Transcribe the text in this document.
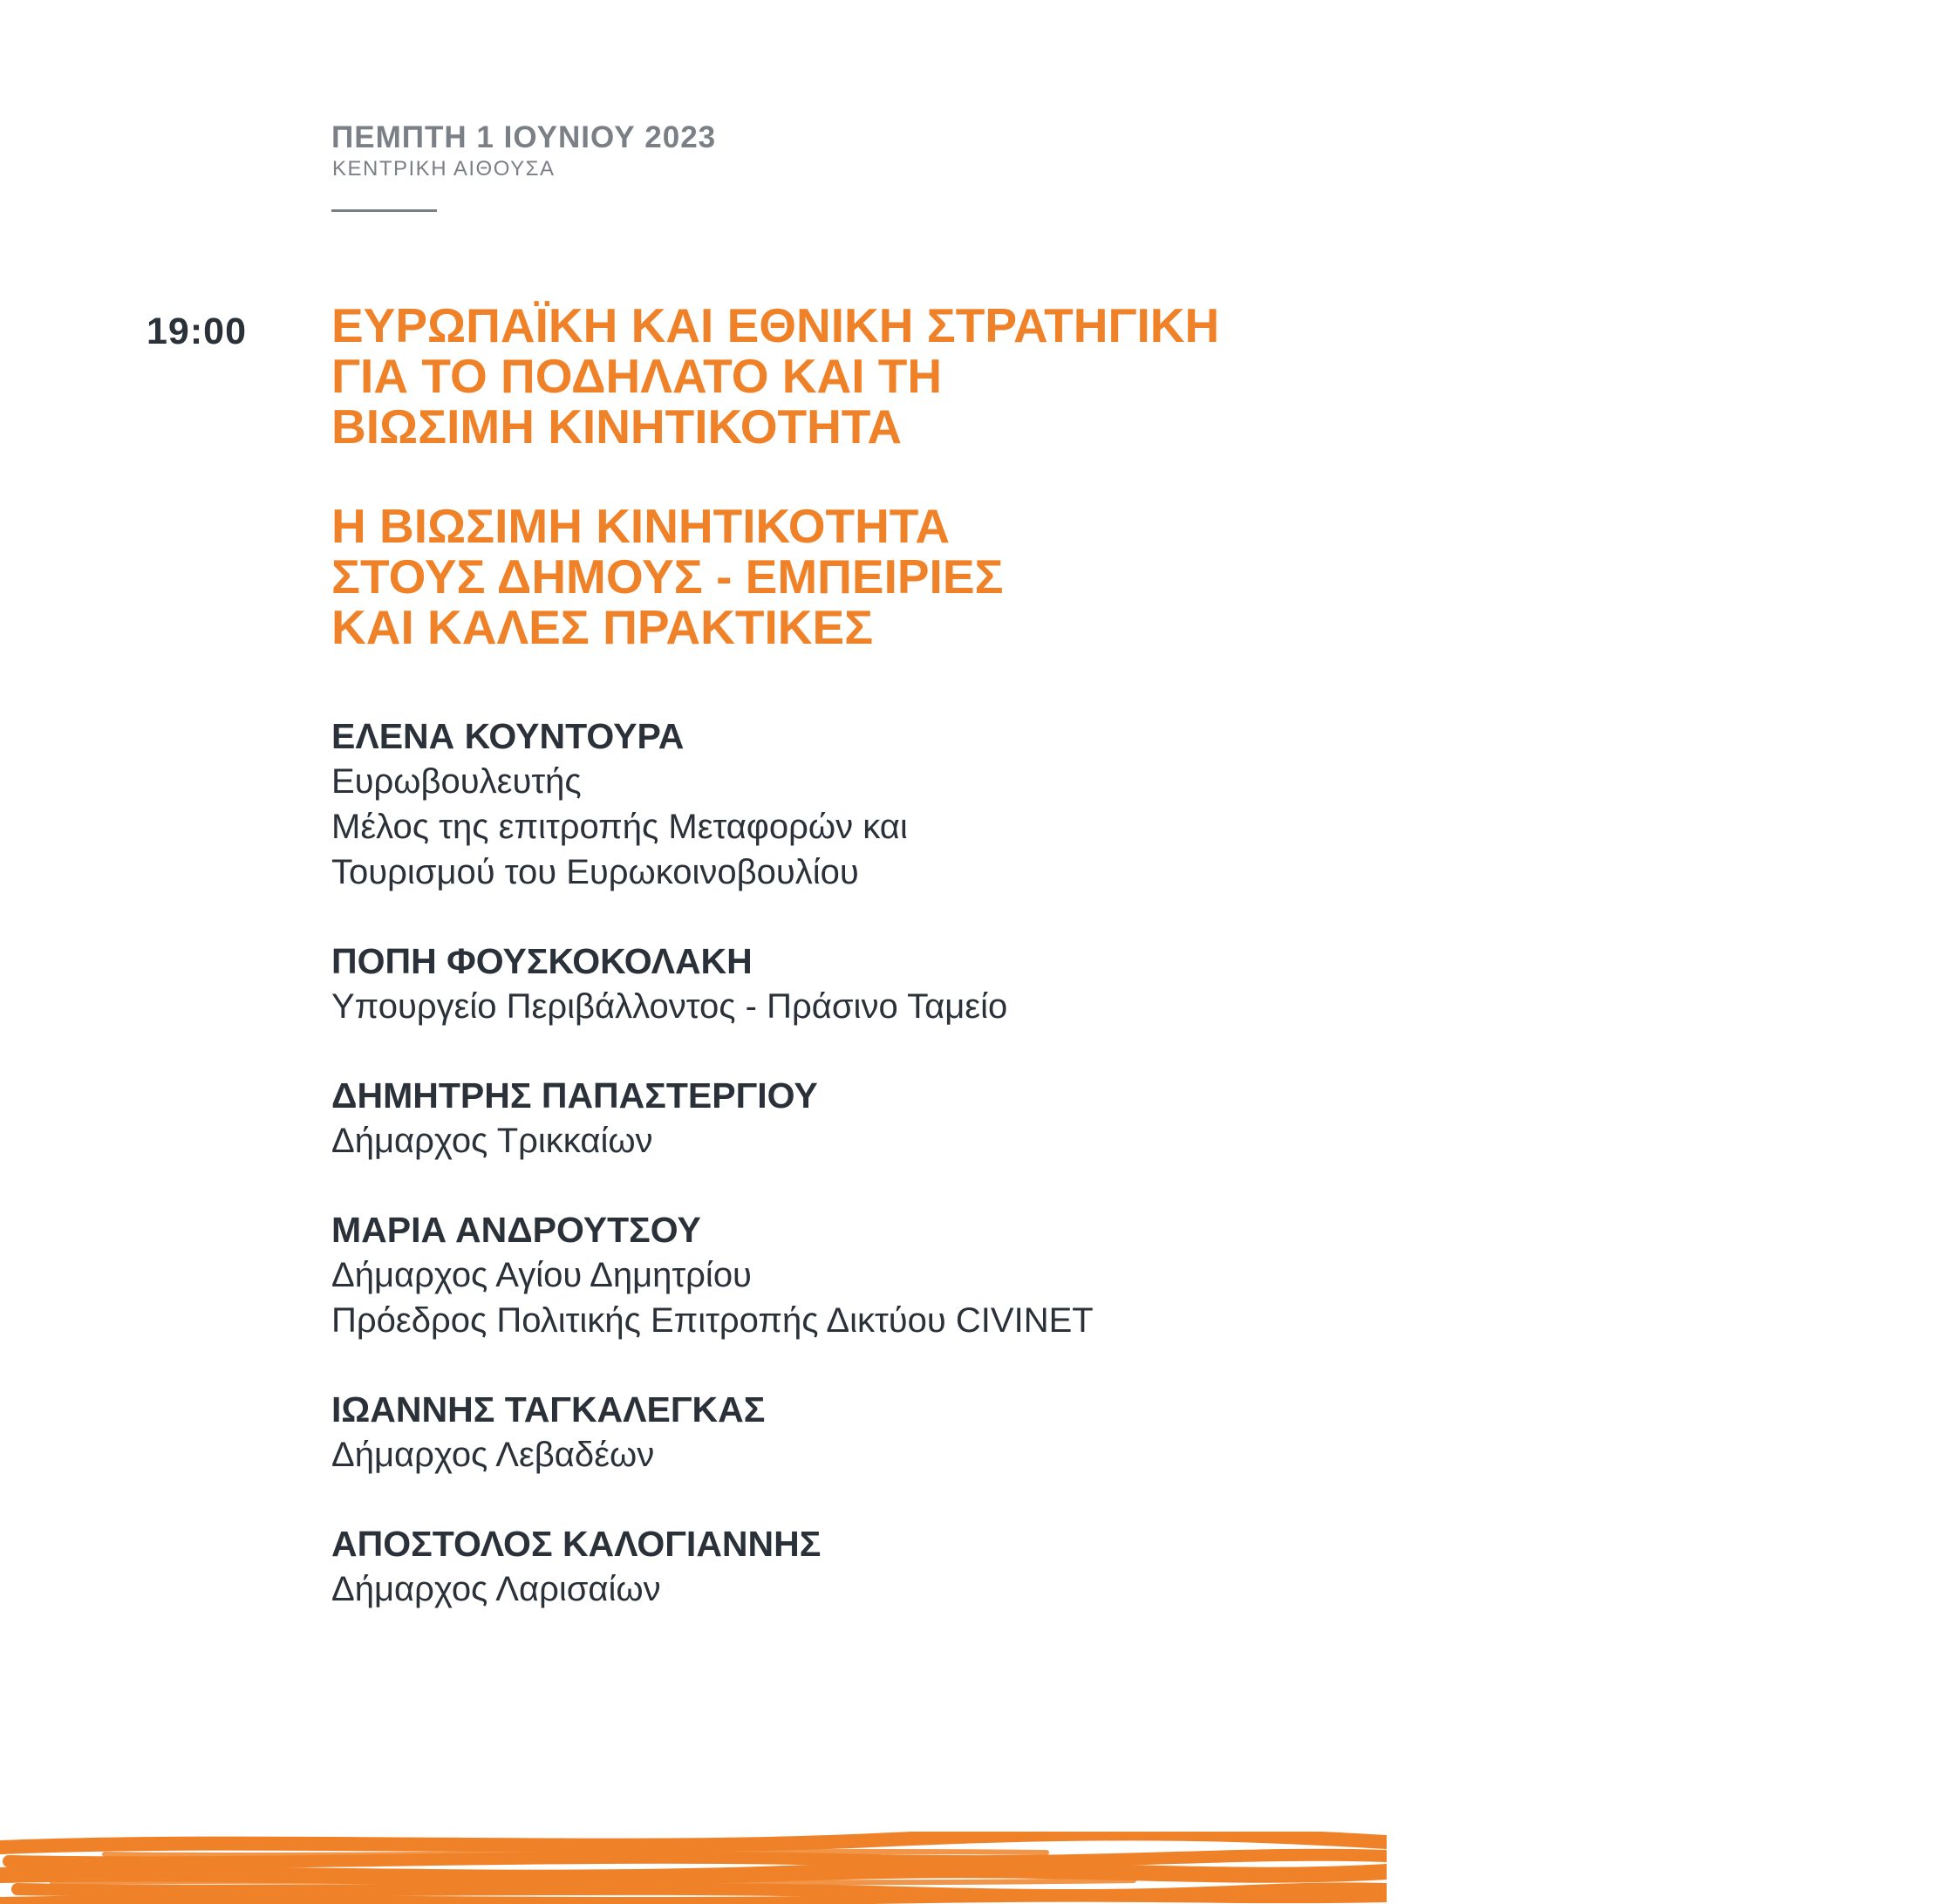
ΠΕΜΠΤΗ 1 ΙΟΥΝΙΟΥ 2023
ΚΕΝΤΡΙΚΗ ΑΙΘΟΥΣΑ
19:00 ΕΥΡΩΠΑΪΚΗ ΚΑΙ ΕΘΝΙΚΗ ΣΤΡΑΤΗΓΙΚΗ
ΓΙΑ ΤΟ ΠΟΔΗΛΑΤΟ ΚΑΙ ΤΗ
ΒΙΩΣΙΜΗ ΚΙΝΗΤΙΚΟΤΗΤΑ
Η ΒΙΩΣΙΜΗ ΚΙΝΗΤΙΚΟΤΗΤΑ
ΣΤΟΥΣ ΔΗΜΟΥΣ - ΕΜΠΕΙΡΙΕΣ
ΚΑΙ ΚΑΛΕΣ ΠΡΑΚΤΙΚΕΣ
ΕΛΕΝΑ ΚΟΥΝΤΟΥΡΑ
Ευρωβουλευτής
Μέλος της επιτροπής Μεταφορών και
Τουρισμού του Ευρωκοινοβουλίου
ΠΟΠΗ ΦΟΥΣΚΟΚΟΛΑΚΗ
Υπουργείο Περιβάλλοντος - Πράσινο Ταμείο
ΔΗΜΗΤΡΗΣ ΠΑΠΑΣΤΕΡΓΙΟΥ
Δήμαρχος Τρικκαίων
ΜΑΡΙΑ ΑΝΔΡΟΥΤΣΟΥ
Δήμαρχος Αγίου Δημητρίου
Πρόεδρος Πολιτικής Επιτροπής Δικτύου CIVINET
ΙΩΑΝΝΗΣ ΤΑΓΚΑΛΕΓΚΑΣ
Δήμαρχος Λεβαδέων
ΑΠΟΣΤΟΛΟΣ ΚΑΛΟΓΙΑΝΝΗΣ
Δήμαρχος Λαρισαίων
